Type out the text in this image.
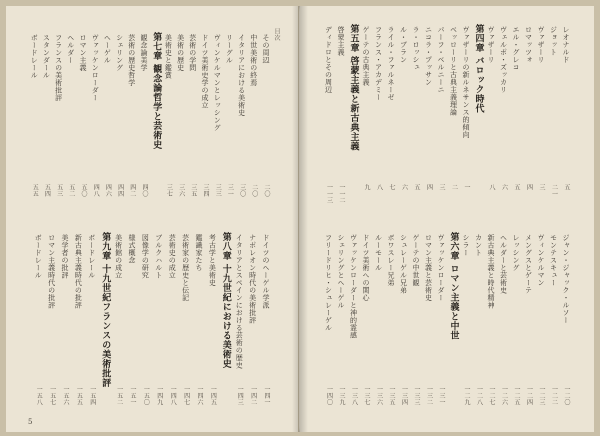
その周辺
二〇
中世美術の終焉
二〇
イタリアにおける美術史
三〇
リーグル
三一
ヴィンケルマンとレッシング
三三
ドイツ美術史学の成立
三四
芸術の学問
三五
美術の歴史
三六
美術史と鑑賞
三七
第七章 観念論哲学と芸術史
観念論美学
四〇
芸術の歴史哲学
四二
シェリング
四四
ヘーゲル
四六
ヴァッケンローダー
四八
ロマン主義
五〇
ヘルダー
五二
フランスの美術批評
五三
スタンダール
五四
ボードレール
五五
ドイツのヘーゲル学派
一四一
ナポレオン時代の美術批評
一四二
イタリアとスペインにおける芸術の歴史
一四三
第八章 十九世紀における美術史
考古学と美術史
一四五
鑑識家たち
一四六
芸術家の歴史と伝記
一四七
芸術史の成立
一四八
ブルクハルト
一四九
図像学の研究
一五〇
様式概念
一五一
美術館の成立
一五二
第九章 十九世紀フランスの美術批評
ボードレール
一五四
新古典主義時代の批評
一五五
美学者の批評
一五六
ロマン主義時代の批評
一五七
ボードレール
一五八
目次
5
レオナルド
五
ジョット
二一
ヴァザーリ
三
ロマッツォ
四
エル・グレコ
五
ヴェルポ・ズッカリ
六
ヴァザーリ
八
第四章 バロック時代
ヴァザーリの新ルネサンス的傾向
一
ベッローリと古典主義理論
二
パーフ・ベルニーニ
三
ニコラ・プッサン
四
ラ・ロッシュ
五
ル・ブラン
六
ライル・ファルネーゼ
七
フランス・アカデミー
八
ゲーテの古典主義
九
第五章 啓蒙主義と新古典主義
啓蒙主義
一一二
ディドロとその周辺
一一三
ジャン・ジャック・ルソー
一二〇
モンテスキュー
一二二
ヴィンケルマン
一二三
メングスとゲーテ
一二四
レッシング
一二五
ヘルダーと芸術史
一二六
新古典主義と時代精神
一二七
カント
一二八
シラー
一二九
第六章 ロマン主義と中世
ヴァッケンローダー
一三一
ロマン主義と芸術史
一三二
ゲーテの中世観
一三三
シュレーゲル兄弟
一三四
ボワスレー兄弟
一三五
ルーモール
一三六
ドイツ美術への関心
一三七
ヴァッケンローダーと神的霊感
一三八
シェリングとヘーゲル
一三九
フリードリヒ・シュレーゲル
一四〇
